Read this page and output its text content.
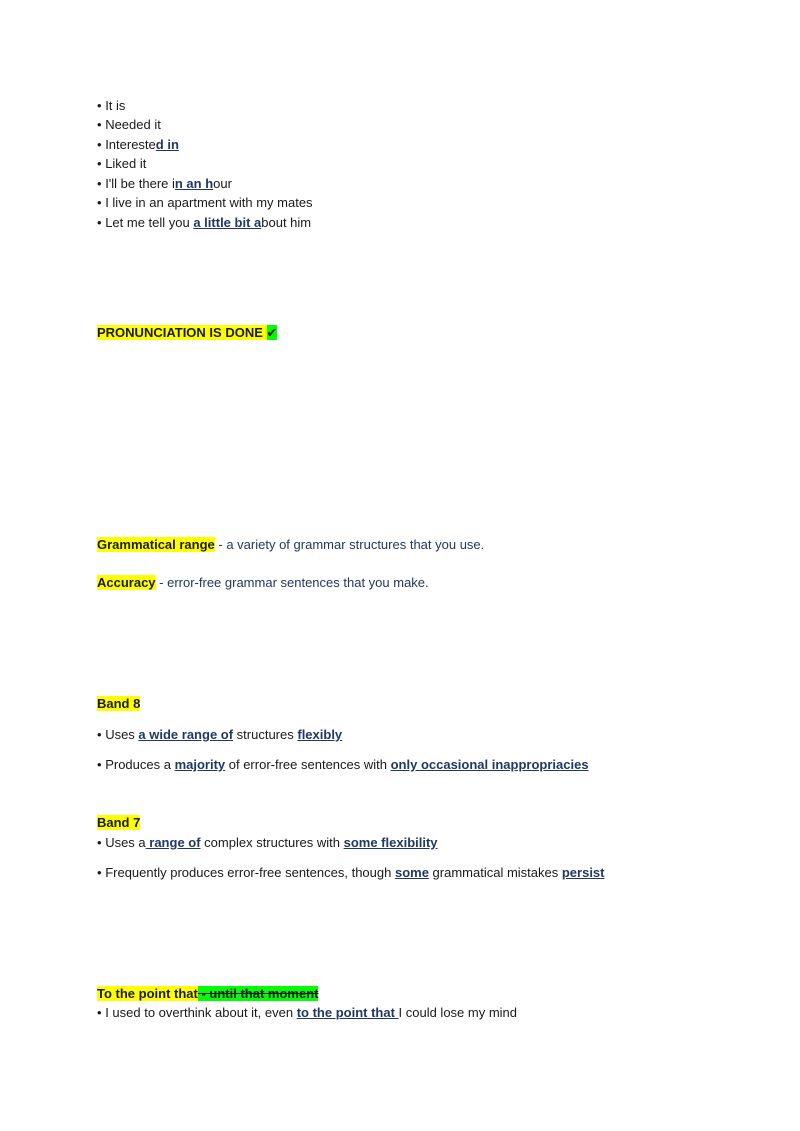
• It is
• Needed it
• Interested in
• Liked it
• I'll be there in an hour
• I live in an apartment with my mates
• Let me tell you a little bit about him
PRONUNCIATION IS DONE ✔
Grammatical range - a variety of grammar structures that you use.
Accuracy - error-free grammar sentences that you make.
Band 8
• Uses a wide range of structures flexibly
• Produces a majority of error-free sentences with only occasional inappropriacies
Band 7
• Uses a range of complex structures with some flexibility
• Frequently produces error-free sentences, though some grammatical mistakes persist
To the point that - until that moment
• I used to overthink about it, even to the point that I could lose my mind
